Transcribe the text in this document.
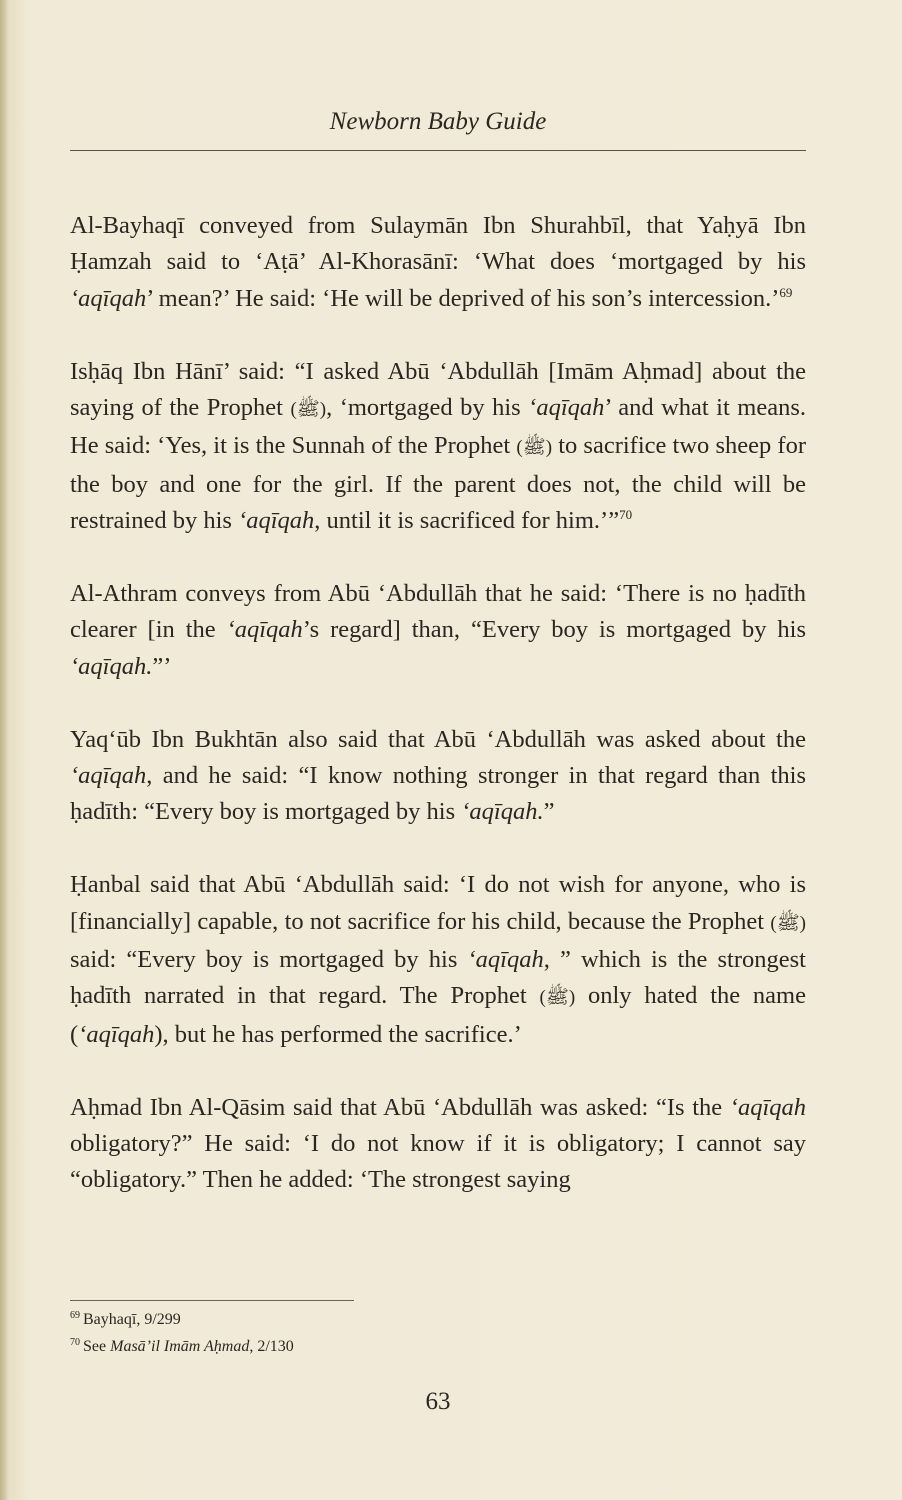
Newborn Baby Guide

Al-Bayhaqī conveyed from Sulaymān Ibn Shurahbīl, that Yaḥyā Ibn Ḥamzah said to ‘Aṭā’ Al-Khorasānī: ‘What does ‘mortgaged by his ‘aqīqah’ mean?’ He said: ‘He will be deprived of his son’s intercession.’$^{69}$

Isḥāq Ibn Hānī’ said: “I asked Abū ‘Abdullāh [Imām Aḥmad] about the saying of the Prophet (ﷺ), ‘mortgaged by his ‘aqīqah’ and what it means. He said: ‘Yes, it is the Sunnah of the Prophet (ﷺ) to sacrifice two sheep for the boy and one for the girl. If the parent does not, the child will be restrained by his ‘aqīqah, until it is sacrificed for him.’”$^{70}$

Al-Athram conveys from Abū ‘Abdullāh that he said: ‘There is no ḥadīth clearer [in the ‘aqīqah’s regard] than, “Every boy is mortgaged by his ‘aqīqah.”’

Yaq‘ūb Ibn Bukhtān also said that Abū ‘Abdullāh was asked about the ‘aqīqah, and he said: “I know nothing stronger in that regard than this ḥadīth: “Every boy is mortgaged by his ‘aqīqah.”

Ḥanbal said that Abū ‘Abdullāh said: ‘I do not wish for anyone, who is [financially] capable, to not sacrifice for his child, because the Prophet (ﷺ) said: “Every boy is mortgaged by his ‘aqīqah, ” which is the strongest ḥadīth narrated in that regard. The Prophet (ﷺ) only hated the name (‘aqīqah), but he has performed the sacrifice.’

Aḥmad Ibn Al-Qāsim said that Abū ‘Abdullāh was asked: “Is the ‘aqīqah obligatory?” He said: ‘I do not know if it is obligatory; I cannot say “obligatory.” Then he added: ‘The strongest saying

$^{69}$ Bayhaqī, 9/299
$^{70}$ See Masā’il Imām Aḥmad, 2/130
63
